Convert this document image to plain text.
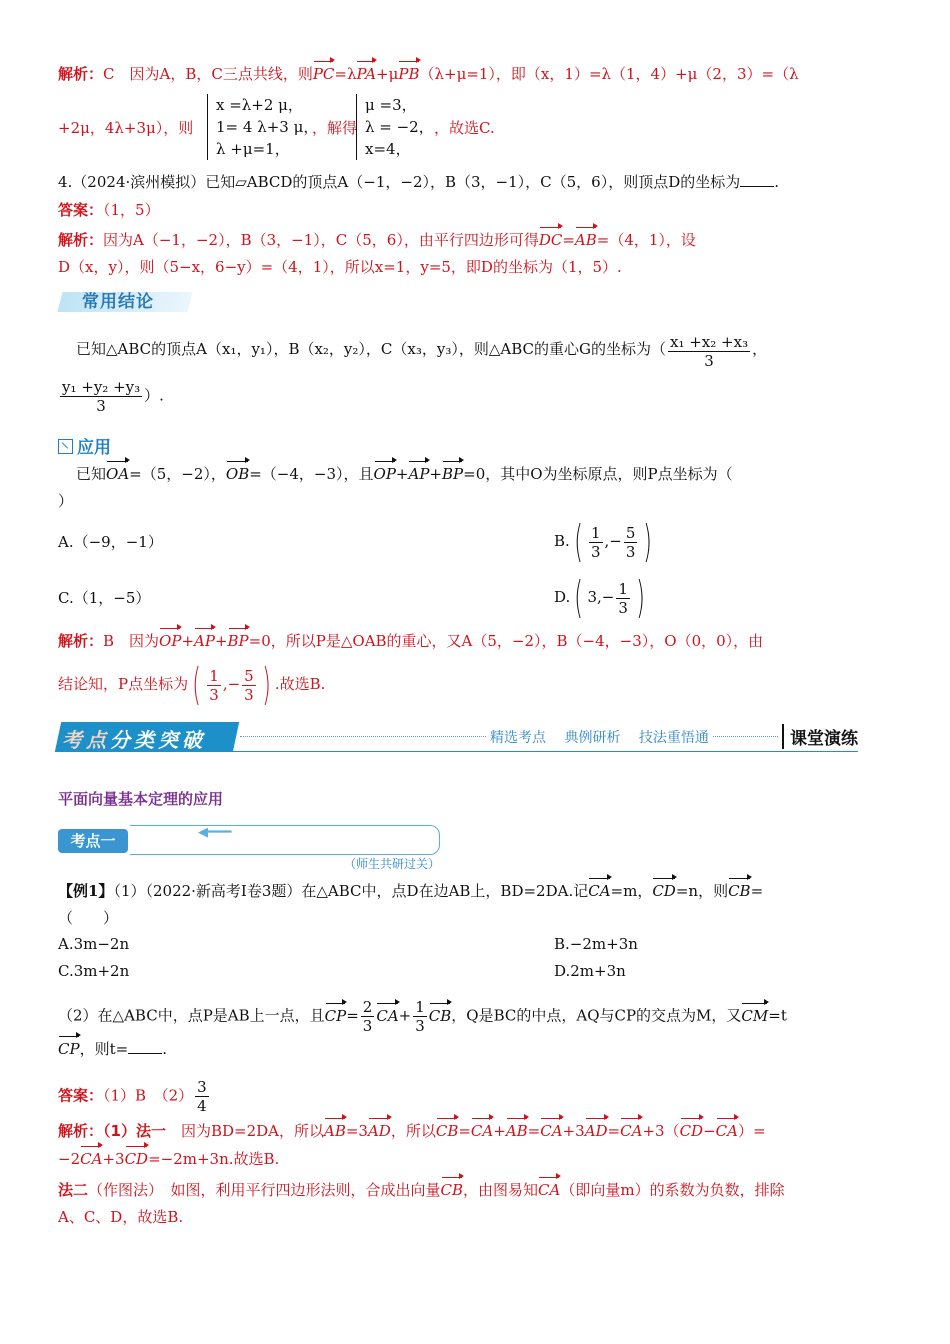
解析：C　因为A，B，C三点共线，则PC=λPA+μPB（λ+μ=1），即（x，1）=λ（1，4）+μ（2，3）=（λ
+2μ，4λ+3μ），则
x =λ+2 μ，
1= 4 λ+3 μ，
λ +μ=1，
，解得
μ =3，
λ = −2，
x=4，
，故选C.
4.（2024·滨州模拟）已知▱ABCD的顶点A（−1，−2），B（3，−1），C（5，6），则顶点D的坐标为 .
答案：（1，5）
解析：因为A（−1，−2），B（3，−1），C（5，6），由平行四边形可得DC=AB=（4，1），设
D（x，y），则（5−x，6−y）=（4，1），所以x=1，y=5，即D的坐标为（1，5）.
常用结论
已知△ABC的顶点A（x₁，y₁），B（x₂，y₂），C（x₃，y₃），则△ABC的重心G的坐标为（ $\frac{\text{x₁ +x₂ +x₃}}{3}$ ，
$\frac{\text{y₁ +y₂ +y₃}}{3}$ ）.
应用
已知OA=（5，−2），OB=（−4，−3），且OP+AP+BP=0，其中O为坐标原点，则P点坐标为（
）
A.（−9，−1）	$B.( \frac{1}{3}$ ,− $\frac{5}{3}$ )
C.（1，−5）	D.( $3,- \frac{1}{3}$ )
解析：B　因为OP+AP+BP=0，所以P是△OAB的重心，又A（5，−2），B（−4，−3），O（0，0），由
结论知，P点坐标为( $\frac{1}{3}$ ,− $\frac{5}{3}$ ) .故选B.
考点分类突破	精选考点 典例研析 技法重悟通	课堂演练
平面向量基本定理的应用
考点一	◀━━━
（师生共研过关）
【例1】（1）（2022·新高考Ⅰ卷3题）在△ABC中，点D在边AB上，BD=2DA.记CA=m，CD=n，则CB=
（　　）
A.3m−2n	B.−2m+3n
C.3m+2n	D.2m+3n
（2）在△ABC中，点P是AB上一点，且$CP= \frac{2}{3} CA+ \frac{1}{3}$ CB，Q是BC的中点，AQ与CP的交点为M，又CM=t
CP，则t= .
答案：（1）B　$(2) \frac{3}{4}$
解析：（1）法一　因为BD=2DA，所以AB=3AD，所以CB=CA+AB=CA+3AD=CA+3（CD−CA）=
−2CA+3CD=−2m+3n.故选B.
法二（作图法）　如图，利用平行四边形法则，合成出向量CB，由图易知CA（即向量m）的系数为负数，排除
A、C、D，故选B.
